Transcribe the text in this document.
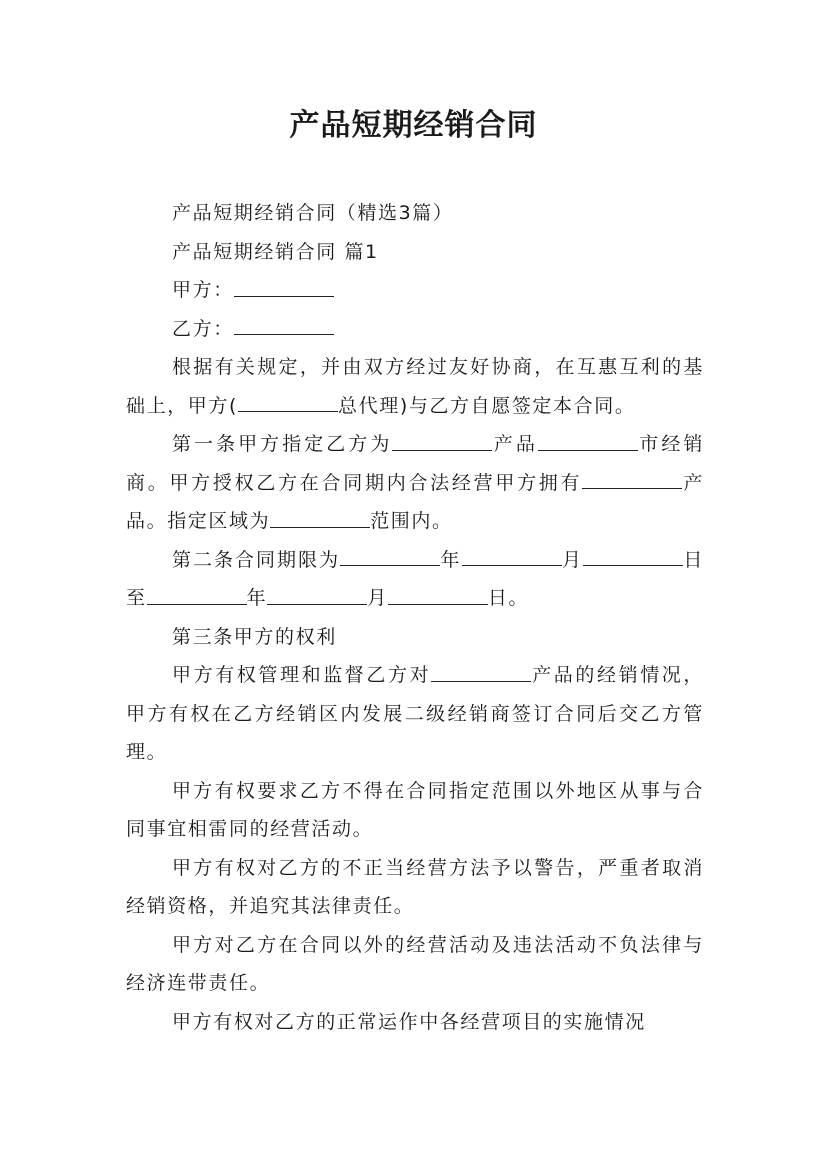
产品短期经销合同

产品短期经销合同（精选3篇）

产品短期经销合同 篇1

甲方：

乙方：

根据有关规定，并由双方经过友好协商，在互惠互利的基础上，甲方(	总代理)与乙方自愿签定本合同。

第一条甲方指定乙方为	产品	市经销商。甲方授权乙方在合同期内合法经营甲方拥有	产品。指定区域为	范围内。

第二条合同期限为	年	月	日至	年	月	日。

第三条甲方的权利

甲方有权管理和监督乙方对	产品的经销情况，甲方有权在乙方经销区内发展二级经销商签订合同后交乙方管理。

甲方有权要求乙方不得在合同指定范围以外地区从事与合同事宜相雷同的经营活动。

甲方有权对乙方的不正当经营方法予以警告，严重者取消经销资格，并追究其法律责任。

甲方对乙方在合同以外的经营活动及违法活动不负法律与经济连带责任。

甲方有权对乙方的正常运作中各经营项目的实施情况
